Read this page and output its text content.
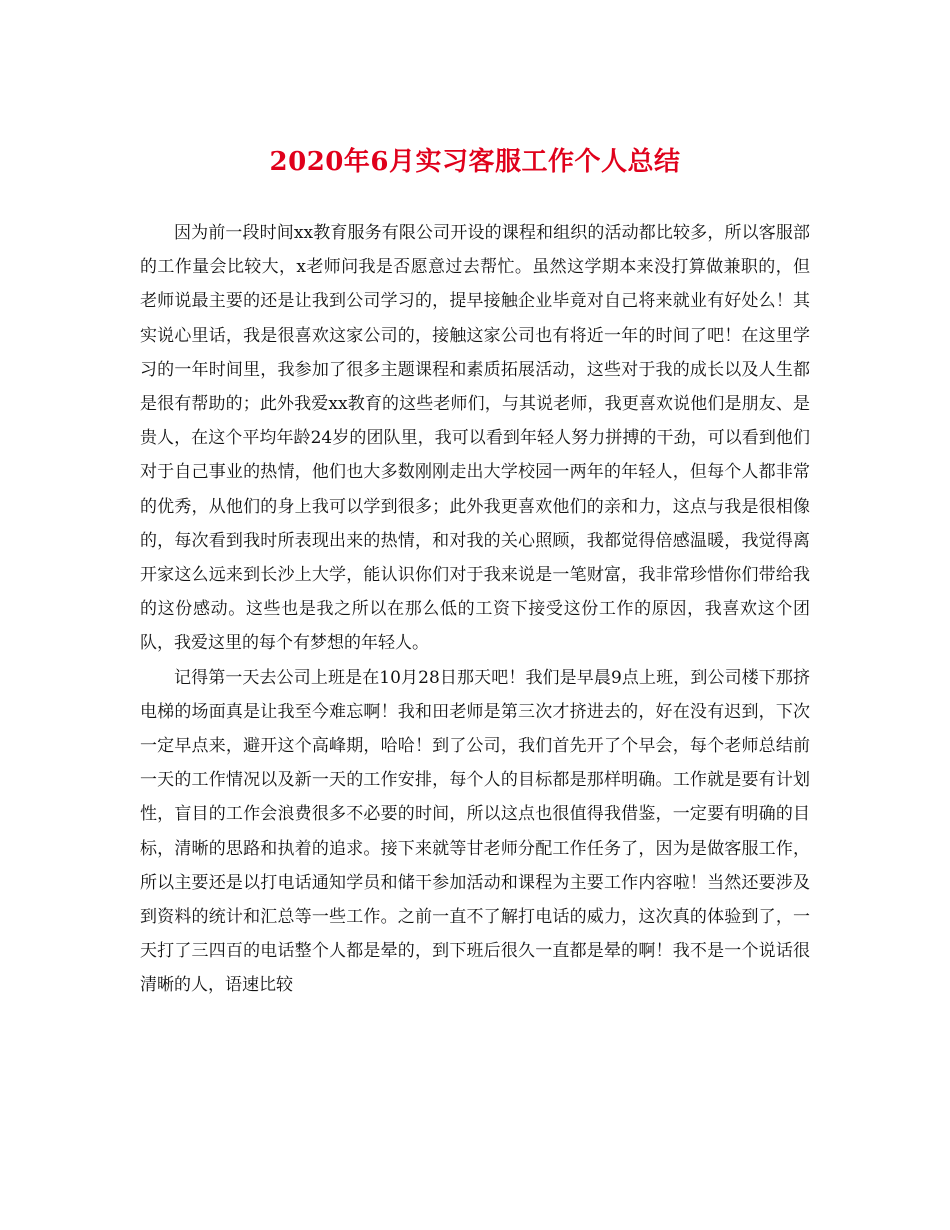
2020年6月实习客服工作个人总结

因为前一段时间xx教育服务有限公司开设的课程和组织的活动都比较多，所以客服部的工作量会比较大，x老师问我是否愿意过去帮忙。虽然这学期本来没打算做兼职的，但老师说最主要的还是让我到公司学习的，提早接触企业毕竟对自己将来就业有好处么！其实说心里话，我是很喜欢这家公司的，接触这家公司也有将近一年的时间了吧！在这里学习的一年时间里，我参加了很多主题课程和素质拓展活动，这些对于我的成长以及人生都是很有帮助的；此外我爱xx教育的这些老师们，与其说老师，我更喜欢说他们是朋友、是贵人，在这个平均年龄24岁的团队里，我可以看到年轻人努力拼搏的干劲，可以看到他们对于自己事业的热情，他们也大多数刚刚走出大学校园一两年的年轻人，但每个人都非常的优秀，从他们的身上我可以学到很多；此外我更喜欢他们的亲和力，这点与我是很相像的，每次看到我时所表现出来的热情，和对我的关心照顾，我都觉得倍感温暖，我觉得离开家这么远来到长沙上大学，能认识你们对于我来说是一笔财富，我非常珍惜你们带给我的这份感动。这些也是我之所以在那么低的工资下接受这份工作的原因，我喜欢这个团队，我爱这里的每个有梦想的年轻人。

记得第一天去公司上班是在10月28日那天吧！我们是早晨9点上班，到公司楼下那挤电梯的场面真是让我至今难忘啊！我和田老师是第三次才挤进去的，好在没有迟到，下次一定早点来，避开这个高峰期，哈哈！到了公司，我们首先开了个早会，每个老师总结前一天的工作情况以及新一天的工作安排，每个人的目标都是那样明确。工作就是要有计划性，盲目的工作会浪费很多不必要的时间，所以这点也很值得我借鉴，一定要有明确的目标，清晰的思路和执着的追求。接下来就等甘老师分配工作任务了，因为是做客服工作，所以主要还是以打电话通知学员和储干参加活动和课程为主要工作内容啦！当然还要涉及到资料的统计和汇总等一些工作。之前一直不了解打电话的威力，这次真的体验到了，一天打了三四百的电话整个人都是晕的，到下班后很久一直都是晕的啊！我不是一个说话很清晰的人，语速比较
